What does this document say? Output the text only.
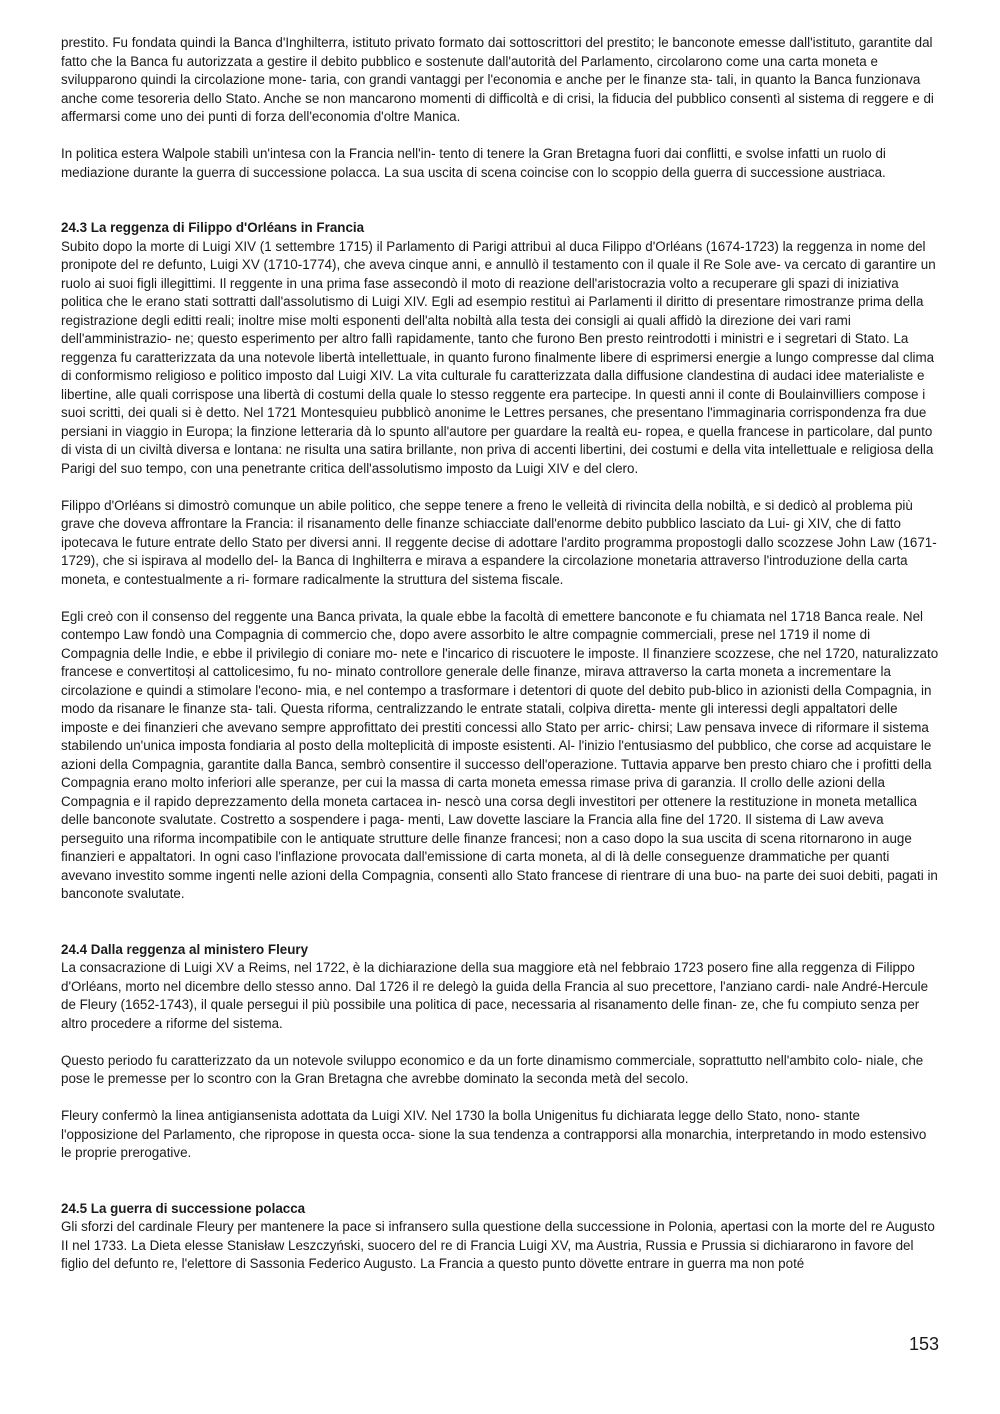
prestito. Fu fondata quindi la Banca d'Inghilterra, istituto privato formato dai sottoscrittori del prestito; le banconote emesse dall'istituto, garantite dal fatto che la Banca fu autorizzata a gestire il debito pubblico e sostenute dall'autorità del Parlamento, circolarono come una carta moneta e svilupparono quindi la circolazione mone- taria, con grandi vantaggi per l'economia e anche per le finanze sta- tali, in quanto la Banca funzionava anche come tesoreria dello Stato. Anche se non mancarono momenti di difficoltà e di crisi, la fiducia del pubblico consentì al sistema di reggere e di affermarsi come uno dei punti di forza dell'economia d'oltre Manica.

In politica estera Walpole stabilì un'intesa con la Francia nell'in- tento di tenere la Gran Bretagna fuori dai conflitti, e svolse infatti un ruolo di mediazione durante la guerra di successione polacca. La sua uscita di scena coincise con lo scoppio della guerra di successione austriaca.

24.3 La reggenza di Filippo d'Orléans in Francia

Subito dopo la morte di Luigi XIV (1 settembre 1715) il Parlamento di Parigi attribuì al duca Filippo d'Orléans (1674-1723) la reggenza in nome del pronipote del re defunto, Luigi XV (1710-1774), che aveva cinque anni, e annullò il testamento con il quale il Re Sole ave- va cercato di garantire un ruolo ai suoi figli illegittimi. Il reggente in una prima fase assecondò il moto di reazione dell'aristocrazia volto a recuperare gli spazi di iniziativa politica che le erano stati sottratti dall'assolutismo di Luigi XIV. Egli ad esempio restituì ai Parlamenti il diritto di presentare rimostranze prima della registrazione degli editti reali; inoltre mise molti esponenti dell'alta nobiltà alla testa dei consigli ai quali affidò la direzione dei vari rami dell'amministrazio- ne; questo esperimento per altro fallì rapidamente, tanto che furono Ben presto reintrodotti i ministri e i segretari di Stato. La reggenza fu caratterizzata da una notevole libertà intellettuale, in quanto furono finalmente libere di esprimersi energie a lungo compresse dal clima di conformismo religioso e politico imposto dal Luigi XIV. La vita culturale fu caratterizzata dalla diffusione clandestina di audaci idee materialiste e libertine, alle quali corrispose una libertà di costumi della quale lo stesso reggente era partecipe. In questi anni il conte di Boulainvilliers compose i suoi scritti, dei quali si è detto. Nel 1721 Montesquieu pubblicò anonime le Lettres persanes, che presentano l'immaginaria corrispondenza fra due persiani in viaggio in Europa; la finzione letteraria dà lo spunto all'autore per guardare la realtà eu- ropea, e quella francese in particolare, dal punto di vista di un civiltà diversa e lontana: ne risulta una satira brillante, non priva di accenti libertini, dei costumi e della vita intellettuale e religiosa della Parigi del suo tempo, con una penetrante critica dell'assolutismo imposto da Luigi XIV e del clero.

Filippo d'Orléans si dimostrò comunque un abile politico, che seppe tenere a freno le velleità di rivincita della nobiltà, e si dedicò al problema più grave che doveva affrontare la Francia: il risanamento delle finanze schiacciate dall'enorme debito pubblico lasciato da Lui- gi XIV, che di fatto ipotecava le future entrate dello Stato per diversi anni. Il reggente decise di adottare l'ardito programma propostogli dallo scozzese John Law (1671-1729), che si ispirava al modello del- la Banca di Inghilterra e mirava a espandere la circolazione monetaria attraverso l'introduzione della carta moneta, e contestualmente a ri- formare radicalmente la struttura del sistema fiscale.

Egli creò con il consenso del reggente una Banca privata, la quale ebbe la facoltà di emettere banconote e fu chiamata nel 1718 Banca reale. Nel contempo Law fondò una Compagnia di commercio che, dopo avere assorbito le altre compagnie commerciali, prese nel 1719 il nome di Compagnia delle Indie, e ebbe il privilegio di coniare mo- nete e l'incarico di riscuotere le imposte. Il finanziere scozzese, che nel 1720, naturalizzato francese e convertitoși al cattolicesimo, fu no- minato controllore generale delle finanze, mirava attraverso la carta moneta a incrementare la circolazione e quindi a stimolare l'econo- mia, e nel contempo a trasformare i detentori di quote del debito pub-blico in azionisti della Compagnia, in modo da risanare le finanze sta- tali. Questa riforma, centralizzando le entrate statali, colpiva diretta- mente gli interessi degli appaltatori delle imposte e dei finanzieri che avevano sempre approfittato dei prestiti concessi allo Stato per arric- chirsi; Law pensava invece di riformare il sistema stabilendo un'unica imposta fondiaria al posto della molteplicità di imposte esistenti. Al- l'inizio l'entusiasmo del pubblico, che corse ad acquistare le azioni della Compagnia, garantite dalla Banca, sembrò consentire il successo dell'operazione. Tuttavia apparve ben presto chiaro che i profitti della Compagnia erano molto inferiori alle speranze, per cui la massa di carta moneta emessa rimase priva di garanzia. Il crollo delle azioni della Compagnia e il rapido deprezzamento della moneta cartacea in- nescò una corsa degli investitori per ottenere la restituzione in moneta metallica delle banconote svalutate. Costretto a sospendere i paga- menti, Law dovette lasciare la Francia alla fine del 1720. Il sistema di Law aveva perseguito una riforma incompatibile con le antiquate strutture delle finanze francesi; non a caso dopo la sua uscita di scena ritornarono in auge finanzieri e appaltatori. In ogni caso l'inflazione provocata dall'emissione di carta moneta, al di là delle conseguenze drammatiche per quanti avevano investito somme ingenti nelle azioni della Compagnia, consentì allo Stato francese di rientrare di una buo- na parte dei suoi debiti, pagati in banconote svalutate.

24.4 Dalla reggenza al ministero Fleury

La consacrazione di Luigi XV a Reims, nel 1722, è la dichiarazione della sua maggiore età nel febbraio 1723 posero fine alla reggenza di Filippo d'Orléans, morto nel dicembre dello stesso anno. Dal 1726 il re delegò la guida della Francia al suo precettore, l'anziano cardi- nale André-Hercule de Fleury (1652-1743), il quale persegui il più possibile una politica di pace, necessaria al risanamento delle finan- ze, che fu compiuto senza per altro procedere a riforme del sistema.

Questo periodo fu caratterizzato da un notevole sviluppo economico e da un forte dinamismo commerciale, soprattutto nell'ambito colo- niale, che pose le premesse per lo scontro con la Gran Bretagna che avrebbe dominato la seconda metà del secolo.

Fleury confermò la linea antigiansenista adottata da Luigi XIV. Nel 1730 la bolla Unigenitus fu dichiarata legge dello Stato, nono- stante l'opposizione del Parlamento, che ripropose in questa occa- sione la sua tendenza a contrapporsi alla monarchia, interpretando in modo estensivo le proprie prerogative.

24.5 La guerra di successione polacca

Gli sforzi del cardinale Fleury per mantenere la pace si infransero sulla questione della successione in Polonia, apertasi con la morte del re Augusto II nel 1733. La Dieta elesse Stanisław Leszczyński, suocero del re di Francia Luigi XV, ma Austria, Russia e Prussia si dichiararono in favore del figlio del defunto re, l'elettore di Sassonia Federico Augusto. La Francia a questo punto dövette entrare in guerra ma non poté

153
